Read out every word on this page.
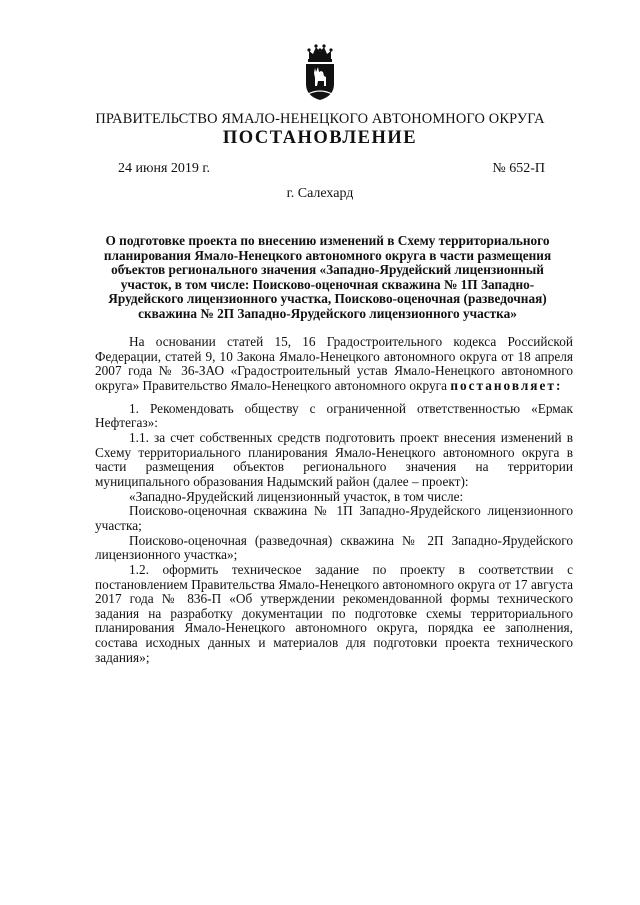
ПРАВИТЕЛЬСТВО ЯМАЛО-НЕНЕЦКОГО АВТОНОМНОГО ОКРУГА
ПОСТАНОВЛЕНИЕ
24 июня 2019 г.	№ 652-П
г. Салехард
О подготовке проекта по внесению изменений в Схему территориального планирования Ямало-Ненецкого автономного округа в части размещения объектов регионального значения «Западно-Ярудейский лицензионный участок, в том числе: Поисково-оценочная скважина № 1П Западно-Ярудейского лицензионного участка, Поисково-оценочная (разведочная) скважина № 2П Западно-Ярудейского лицензионного участка»

На основании статей 15, 16 Градостроительного кодекса Российской Федерации, статей 9, 10 Закона Ямало-Ненецкого автономного округа от 18 апреля 2007 года № 36-ЗАО «Градостроительный устав Ямало-Ненецкого автономного округа» Правительство Ямало-Ненецкого автономного округа постановляет:

1. Рекомендовать обществу с ограниченной ответственностью «Ермак Нефтегаз»:

1.1. за счет собственных средств подготовить проект внесения изменений в Схему территориального планирования Ямало-Ненецкого автономного округа в части размещения объектов регионального значения на территории муниципального образования Надымский район (далее – проект):

«Западно-Ярудейский лицензионный участок, в том числе:

Поисково-оценочная скважина № 1П Западно-Ярудейского лицензионного участка;

Поисково-оценочная (разведочная) скважина № 2П Западно-Ярудейского лицензионного участка»;

1.2. оформить техническое задание по проекту в соответствии с постановлением Правительства Ямало-Ненецкого автономного округа от 17 августа 2017 года № 836-П «Об утверждении рекомендованной формы технического задания на разработку документации по подготовке схемы территориального планирования Ямало-Ненецкого автономного округа, порядка ее заполнения, состава исходных данных и материалов для подготовки проекта технического задания»;
